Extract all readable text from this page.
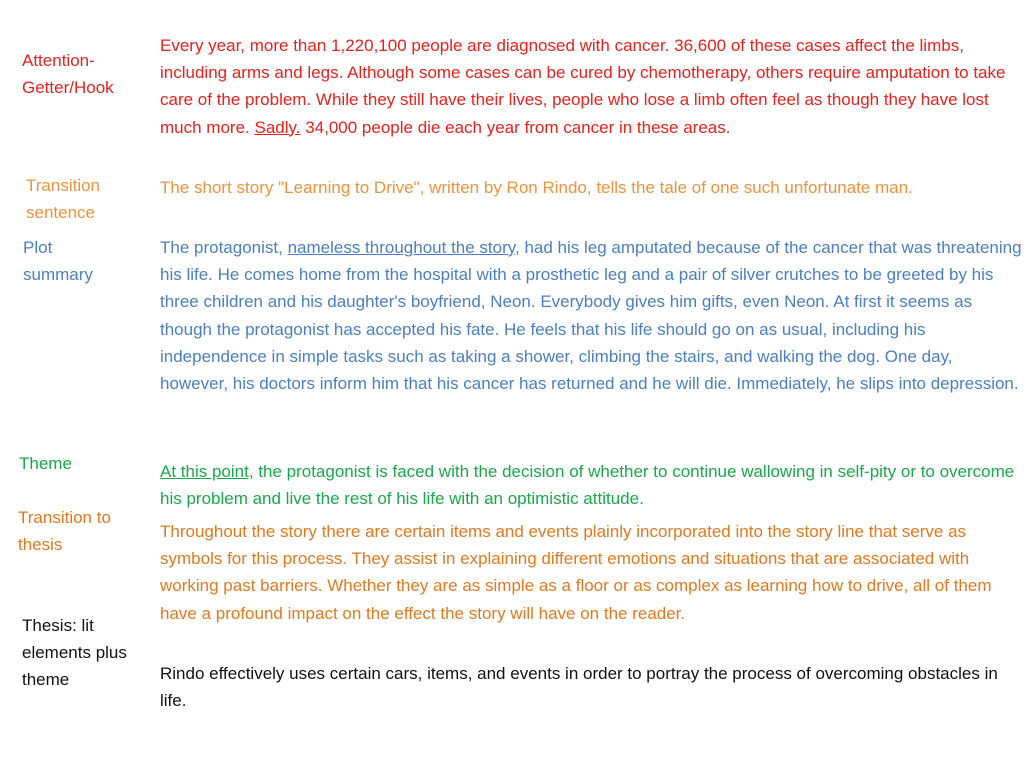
Attention-Getter/Hook
Transition sentence
Plot summary
Theme
Transition to thesis
Thesis: lit elements plus theme

Every year, more than 1,220,100 people are diagnosed with cancer. 36,600 of these cases affect the limbs, including arms and legs. Although some cases can be cured by chemotherapy, others require amputation to take care of the problem. While they still have their lives, people who lose a limb often feel as though they have lost much more. Sadly. 34,000 people die each year from cancer in these areas.

The short story "Learning to Drive", written by Ron Rindo, tells the tale of one such unfortunate man.

The protagonist, nameless throughout the story, had his leg amputated because of the cancer that was threatening his life. He comes home from the hospital with a prosthetic leg and a pair of silver crutches to be greeted by his three children and his daughter's boyfriend, Neon. Everybody gives him gifts, even Neon. At first it seems as though the protagonist has accepted his fate. He feels that his life should go on as usual, including his independence in simple tasks such as taking a shower, climbing the stairs, and walking the dog. One day, however, his doctors inform him that his cancer has returned and he will die. Immediately, he slips into depression.

At this point, the protagonist is faced with the decision of whether to continue wallowing in self-pity or to overcome his problem and live the rest of his life with an optimistic attitude.

Throughout the story there are certain items and events plainly incorporated into the story line that serve as symbols for this process. They assist in explaining different emotions and situations that are associated with working past barriers. Whether they are as simple as a floor or as complex as learning how to drive, all of them have a profound impact on the effect the story will have on the reader.

Rindo effectively uses certain cars, items, and events in order to portray the process of overcoming obstacles in life.
